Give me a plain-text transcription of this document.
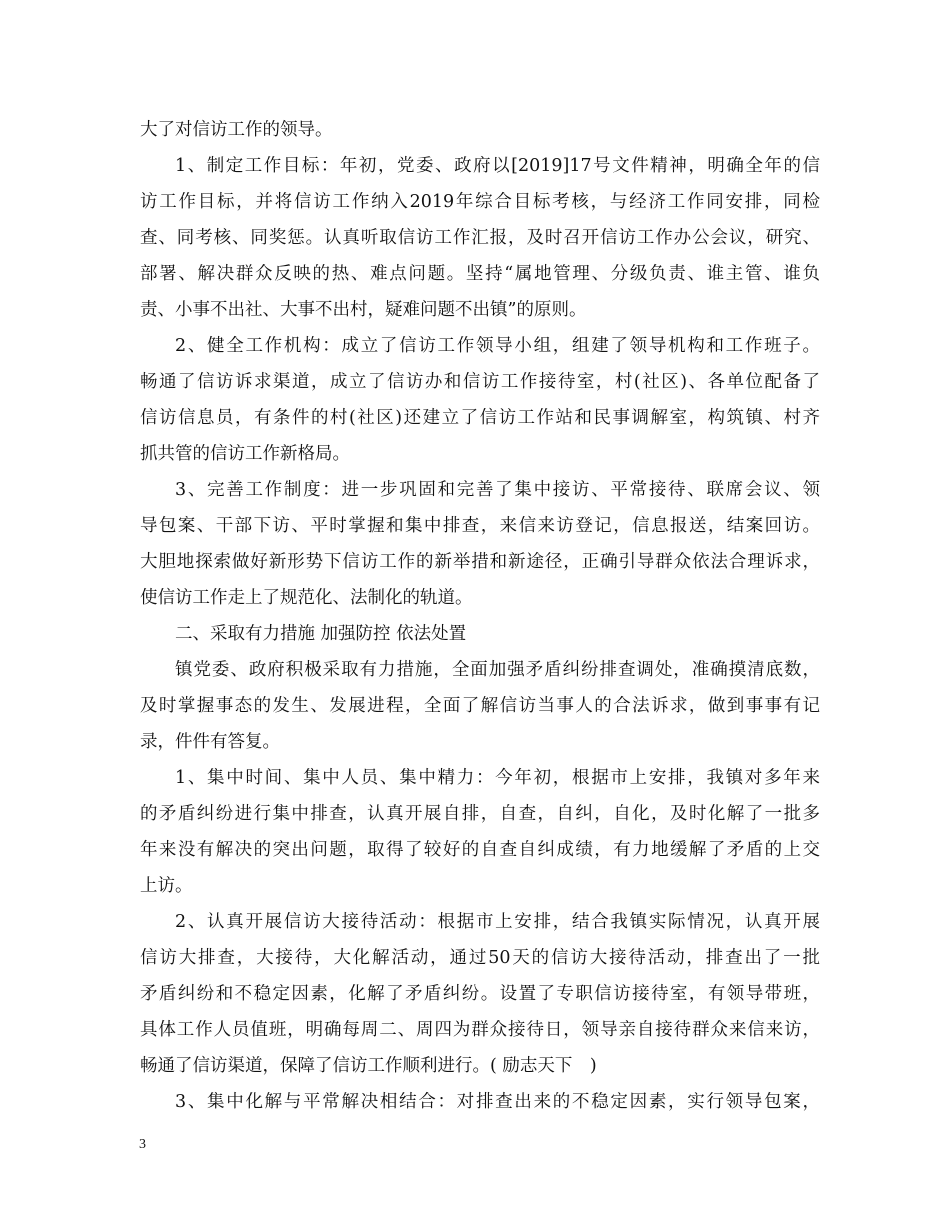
大了对信访工作的领导。
1、制定工作目标：年初，党委、政府以[2019]17号文件精神，明确全年的信
访工作目标，并将信访工作纳入2019年综合目标考核，与经济工作同安排，同检
查、同考核、同奖惩。认真听取信访工作汇报，及时召开信访工作办公会议，研究、
部署、解决群众反映的热、难点问题。坚持“属地管理、分级负责、谁主管、谁负
责、小事不出社、大事不出村，疑难问题不出镇”的原则。
2、健全工作机构：成立了信访工作领导小组，组建了领导机构和工作班子。
畅通了信访诉求渠道，成立了信访办和信访工作接待室，村(社区)、各单位配备了
信访信息员，有条件的村(社区)还建立了信访工作站和民事调解室，构筑镇、村齐
抓共管的信访工作新格局。
3、完善工作制度：进一步巩固和完善了集中接访、平常接待、联席会议、领
导包案、干部下访、平时掌握和集中排查，来信来访登记，信息报送，结案回访。
大胆地探索做好新形势下信访工作的新举措和新途径，正确引导群众依法合理诉求，
使信访工作走上了规范化、法制化的轨道。
二、采取有力措施 加强防控 依法处置
镇党委、政府积极采取有力措施，全面加强矛盾纠纷排查调处，准确摸清底数，
及时掌握事态的发生、发展进程，全面了解信访当事人的合法诉求，做到事事有记
录，件件有答复。
1、集中时间、集中人员、集中精力：今年初，根据市上安排，我镇对多年来
的矛盾纠纷进行集中排查，认真开展自排，自查，自纠，自化，及时化解了一批多
年来没有解决的突出问题，取得了较好的自查自纠成绩，有力地缓解了矛盾的上交
上访。
2、认真开展信访大接待活动：根据市上安排，结合我镇实际情况，认真开展
信访大排查，大接待，大化解活动，通过50天的信访大接待活动，排查出了一批
矛盾纠纷和不稳定因素，化解了矛盾纠纷。设置了专职信访接待室，有领导带班，
具体工作人员值班，明确每周二、周四为群众接待日，领导亲自接待群众来信来访，
畅通了信访渠道，保障了信访工作顺利进行。( 励志天下　)
3、集中化解与平常解决相结合：对排查出来的不稳定因素，实行领导包案，
3
